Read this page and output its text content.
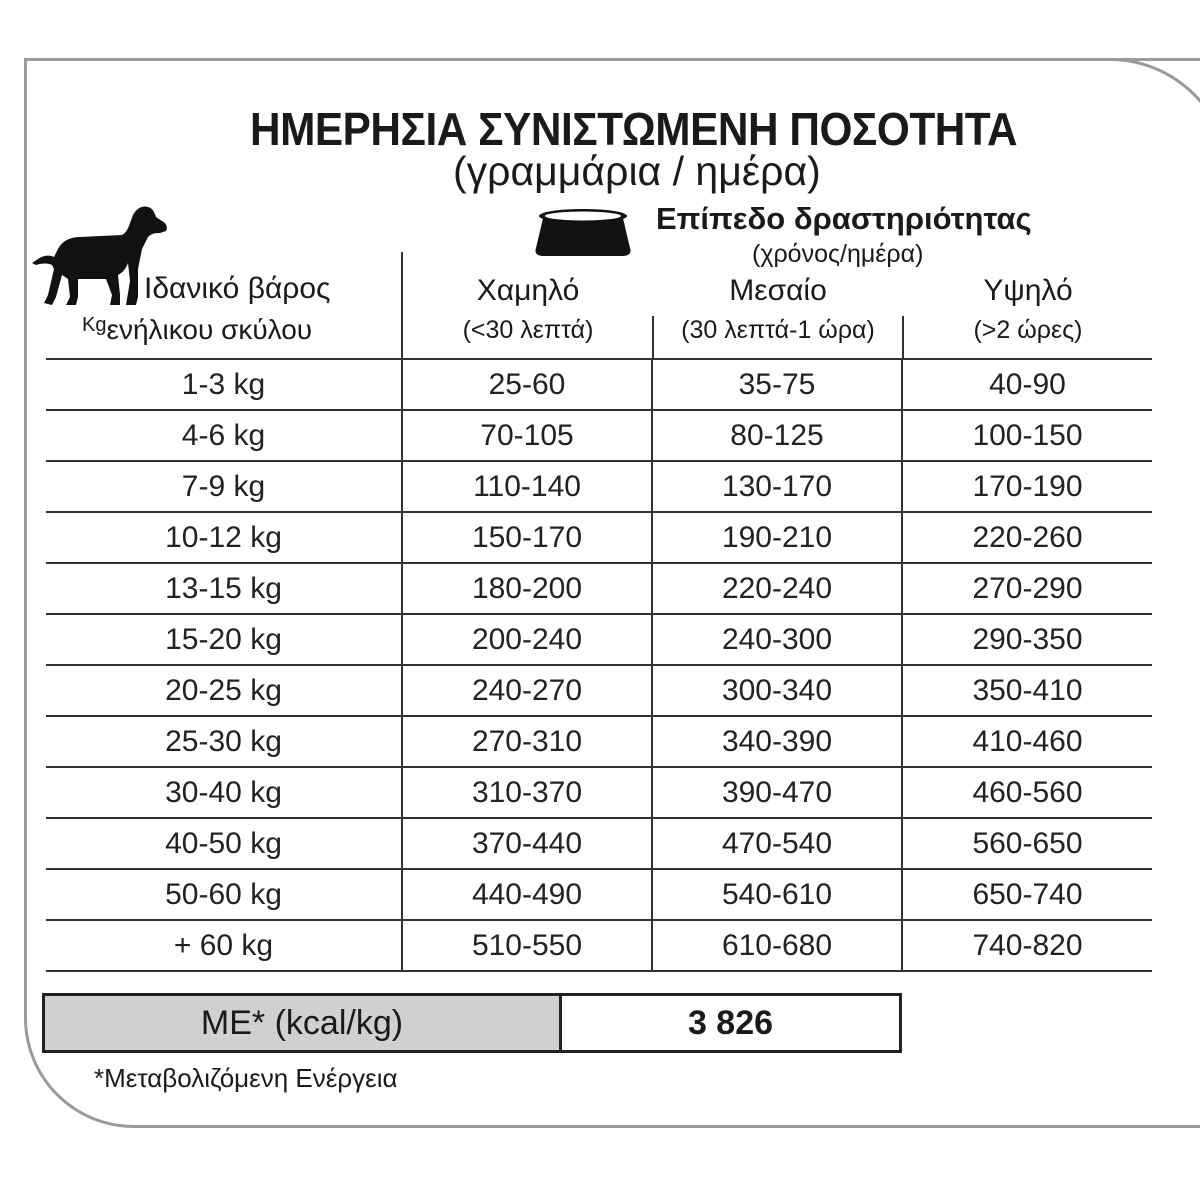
ΗΜΕΡΗΣΙΑ ΣΥΝΙΣΤΩΜΕΝΗ ΠΟΣΟΤΗΤΑ
(γραμμάρια / ημέρα)
Επίπεδο δραστηριότητας
(χρόνος/ημέρα)
Ιδανικό βάρος
$^{Kg}$ενήλικου σκύλου
Χαμηλό
(<30 λεπτά)
Μεσαίο
(30 λεπτά-1 ώρα)
Υψηλό
(>2 ώρες)
1-3 kg	25-60	35-75	40-90
4-6 kg	70-105	80-125	100-150
7-9 kg	110-140	130-170	170-190
10-12 kg	150-170	190-210	220-260
13-15 kg	180-200	220-240	270-290
15-20 kg	200-240	240-300	290-350
20-25 kg	240-270	300-340	350-410
25-30 kg	270-310	340-390	410-460
30-40 kg	310-370	390-470	460-560
40-50 kg	370-440	470-540	560-650
50-60 kg	440-490	540-610	650-740
+ 60 kg	510-550	610-680	740-820
ME* (kcal/kg)	3 826
*Μεταβολιζόμενη Ενέργεια
